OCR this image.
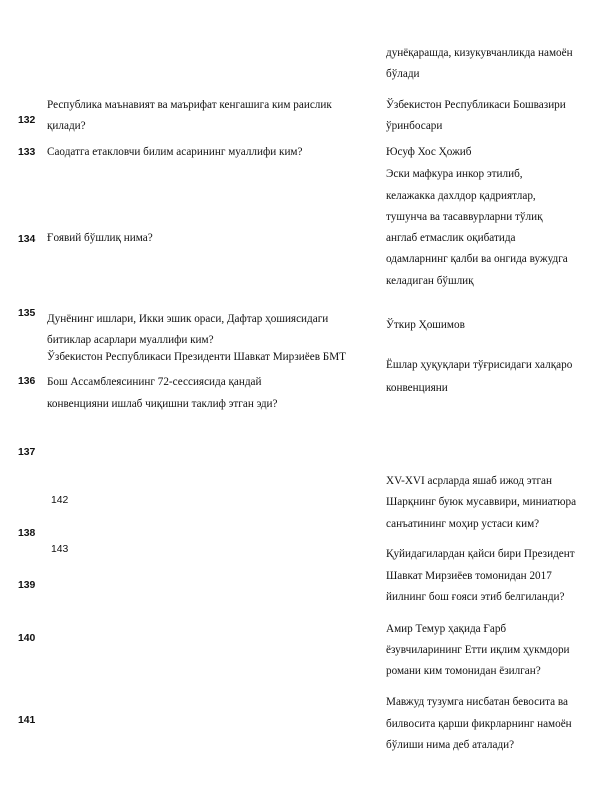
дунёқарашда, кизукувчанликда намоён
бўлади
132
Республика маънавият ва маърифат кенгашига ким раислик
қилади?
Ўзбекистон Республикаси Бошвазири
ўринбосари
133 Саодатга етакловчи билим асарининг муаллифи ким?	Юсуф Хос Ҳожиб
134 Ғоявий бўшлиқ нима?
Эски мафкура инкор этилиб,
келажакка дахлдор қадриятлар,
тушунча ва тасаввурларни тўлиқ
англаб етмаслик оқибатида
одамларнинг қалби ва онгида вужудга
келадиган бўшлиқ
135 Дунёнинг ишлари, Икки эшик ораси, Дафтар ҳошиясидаги
битиклар асарлари муаллифи ким?
Ўткир Ҳошимов
136
Ўзбекистон Республикаси Президенти Шавкат Мирзиёев БМТ
Бош Ассамблеясининг 72-сессиясида қандай
конвенцияни ишлаб чиқишни таклиф этган эди?
Ёшлар ҳуқуқлари тўғрисидаги халқаро
конвенцияни
137
XV-XVI асрларда яшаб ижод этган
Шарқнинг буюк мусаввири, миниатюра
санъатининг моҳир устаси ким?
142
143
138
Қуйидагилардан қайси бири Президент
Шавкат Мирзиёев томонидан 2017
йилнинг бош ғояси этиб белгиланди?
139
140
Амир Темур ҳақида Ғарб
ёзувчиларининг Етти иқлим ҳукмдори
романи ким томонидан ёзилган?
141
Мавжуд тузумга нисбатан бевосита ва
билвосита қарши фикрларнинг намоён
бўлиши нима деб аталади?
